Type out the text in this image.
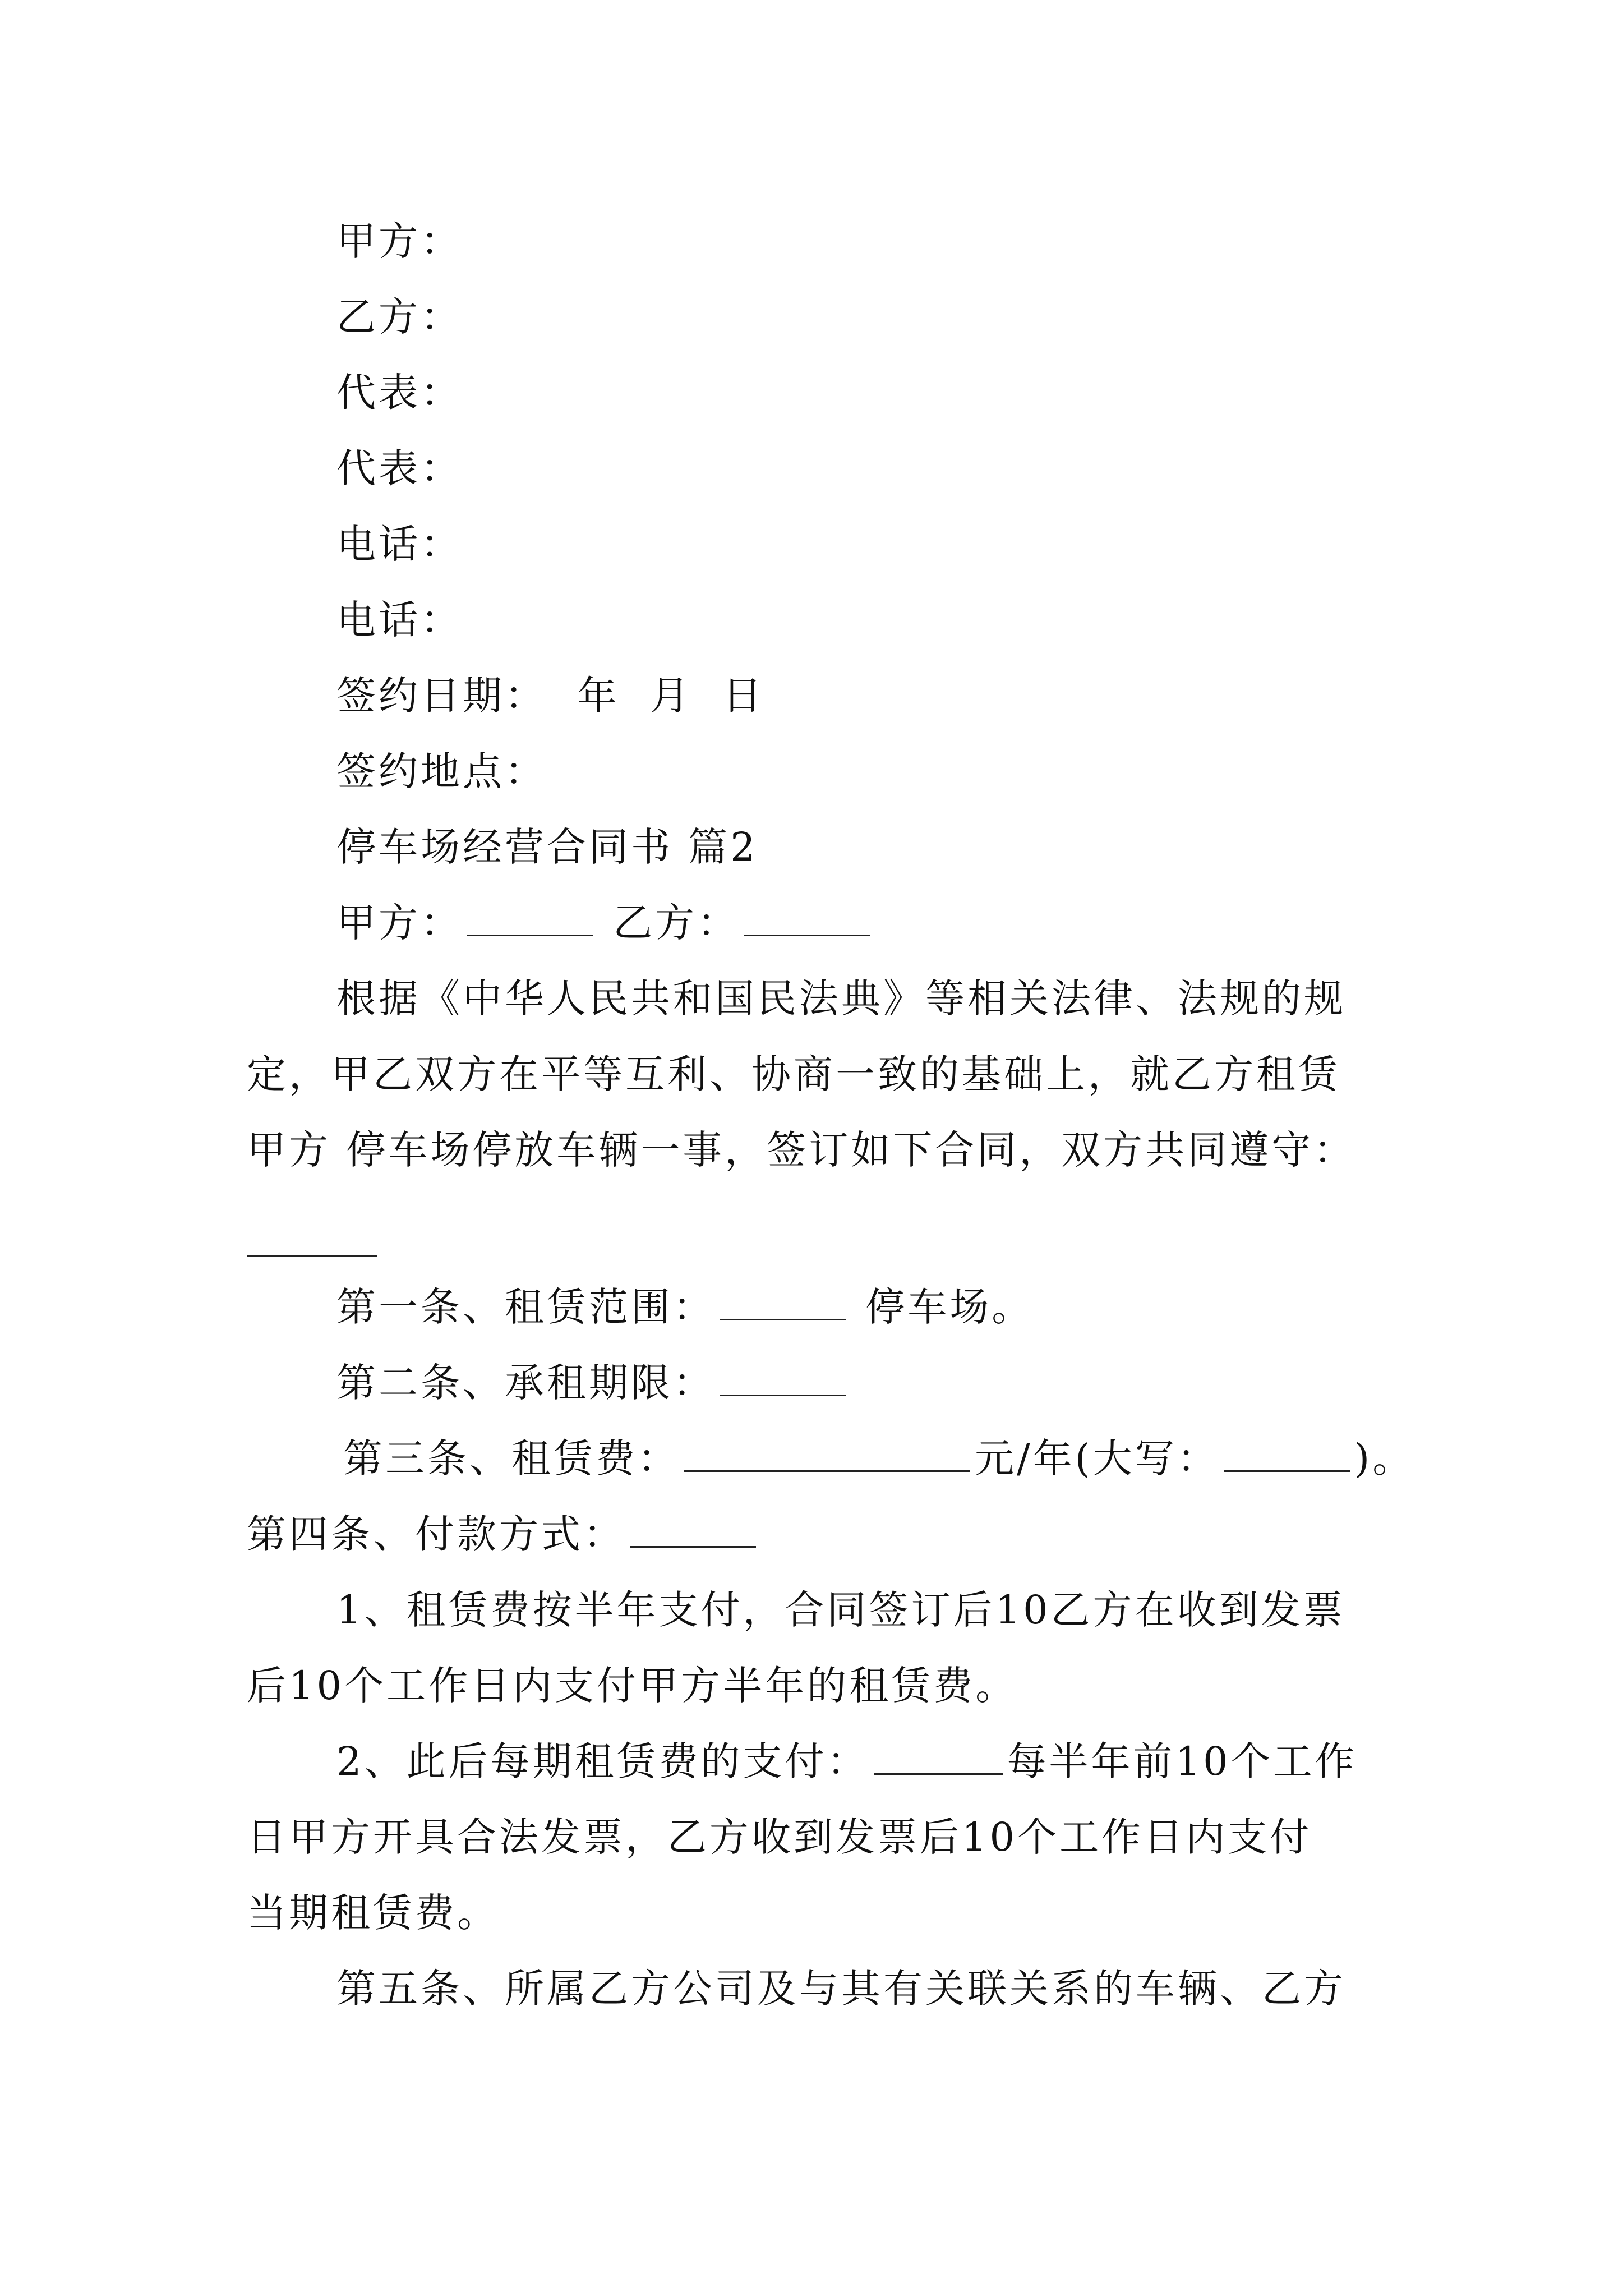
甲方：
乙方：
代表：
代表：
电话：
电话：
签约日期：  年  月  日
签约地点：
停车场经营合同书 篇2
甲方：	乙方：
根据《中华人民共和国民法典》等相关法律、法规的规
定，甲乙双方在平等互利、协商一致的基础上，就乙方租赁
甲方 停车场停放车辆一事，签订如下合同，双方共同遵守：
第一条、租赁范围：	停车场。
第二条、承租期限：
第三条、租赁费：	元/年(大写：	)。
第四条、付款方式：
1、租赁费按半年支付，合同签订后10乙方在收到发票
后10个工作日内支付甲方半年的租赁费。
2、此后每期租赁费的支付：	每半年前10个工作
日甲方开具合法发票，乙方收到发票后10个工作日内支付
当期租赁费。
第五条、所属乙方公司及与其有关联关系的车辆、乙方
